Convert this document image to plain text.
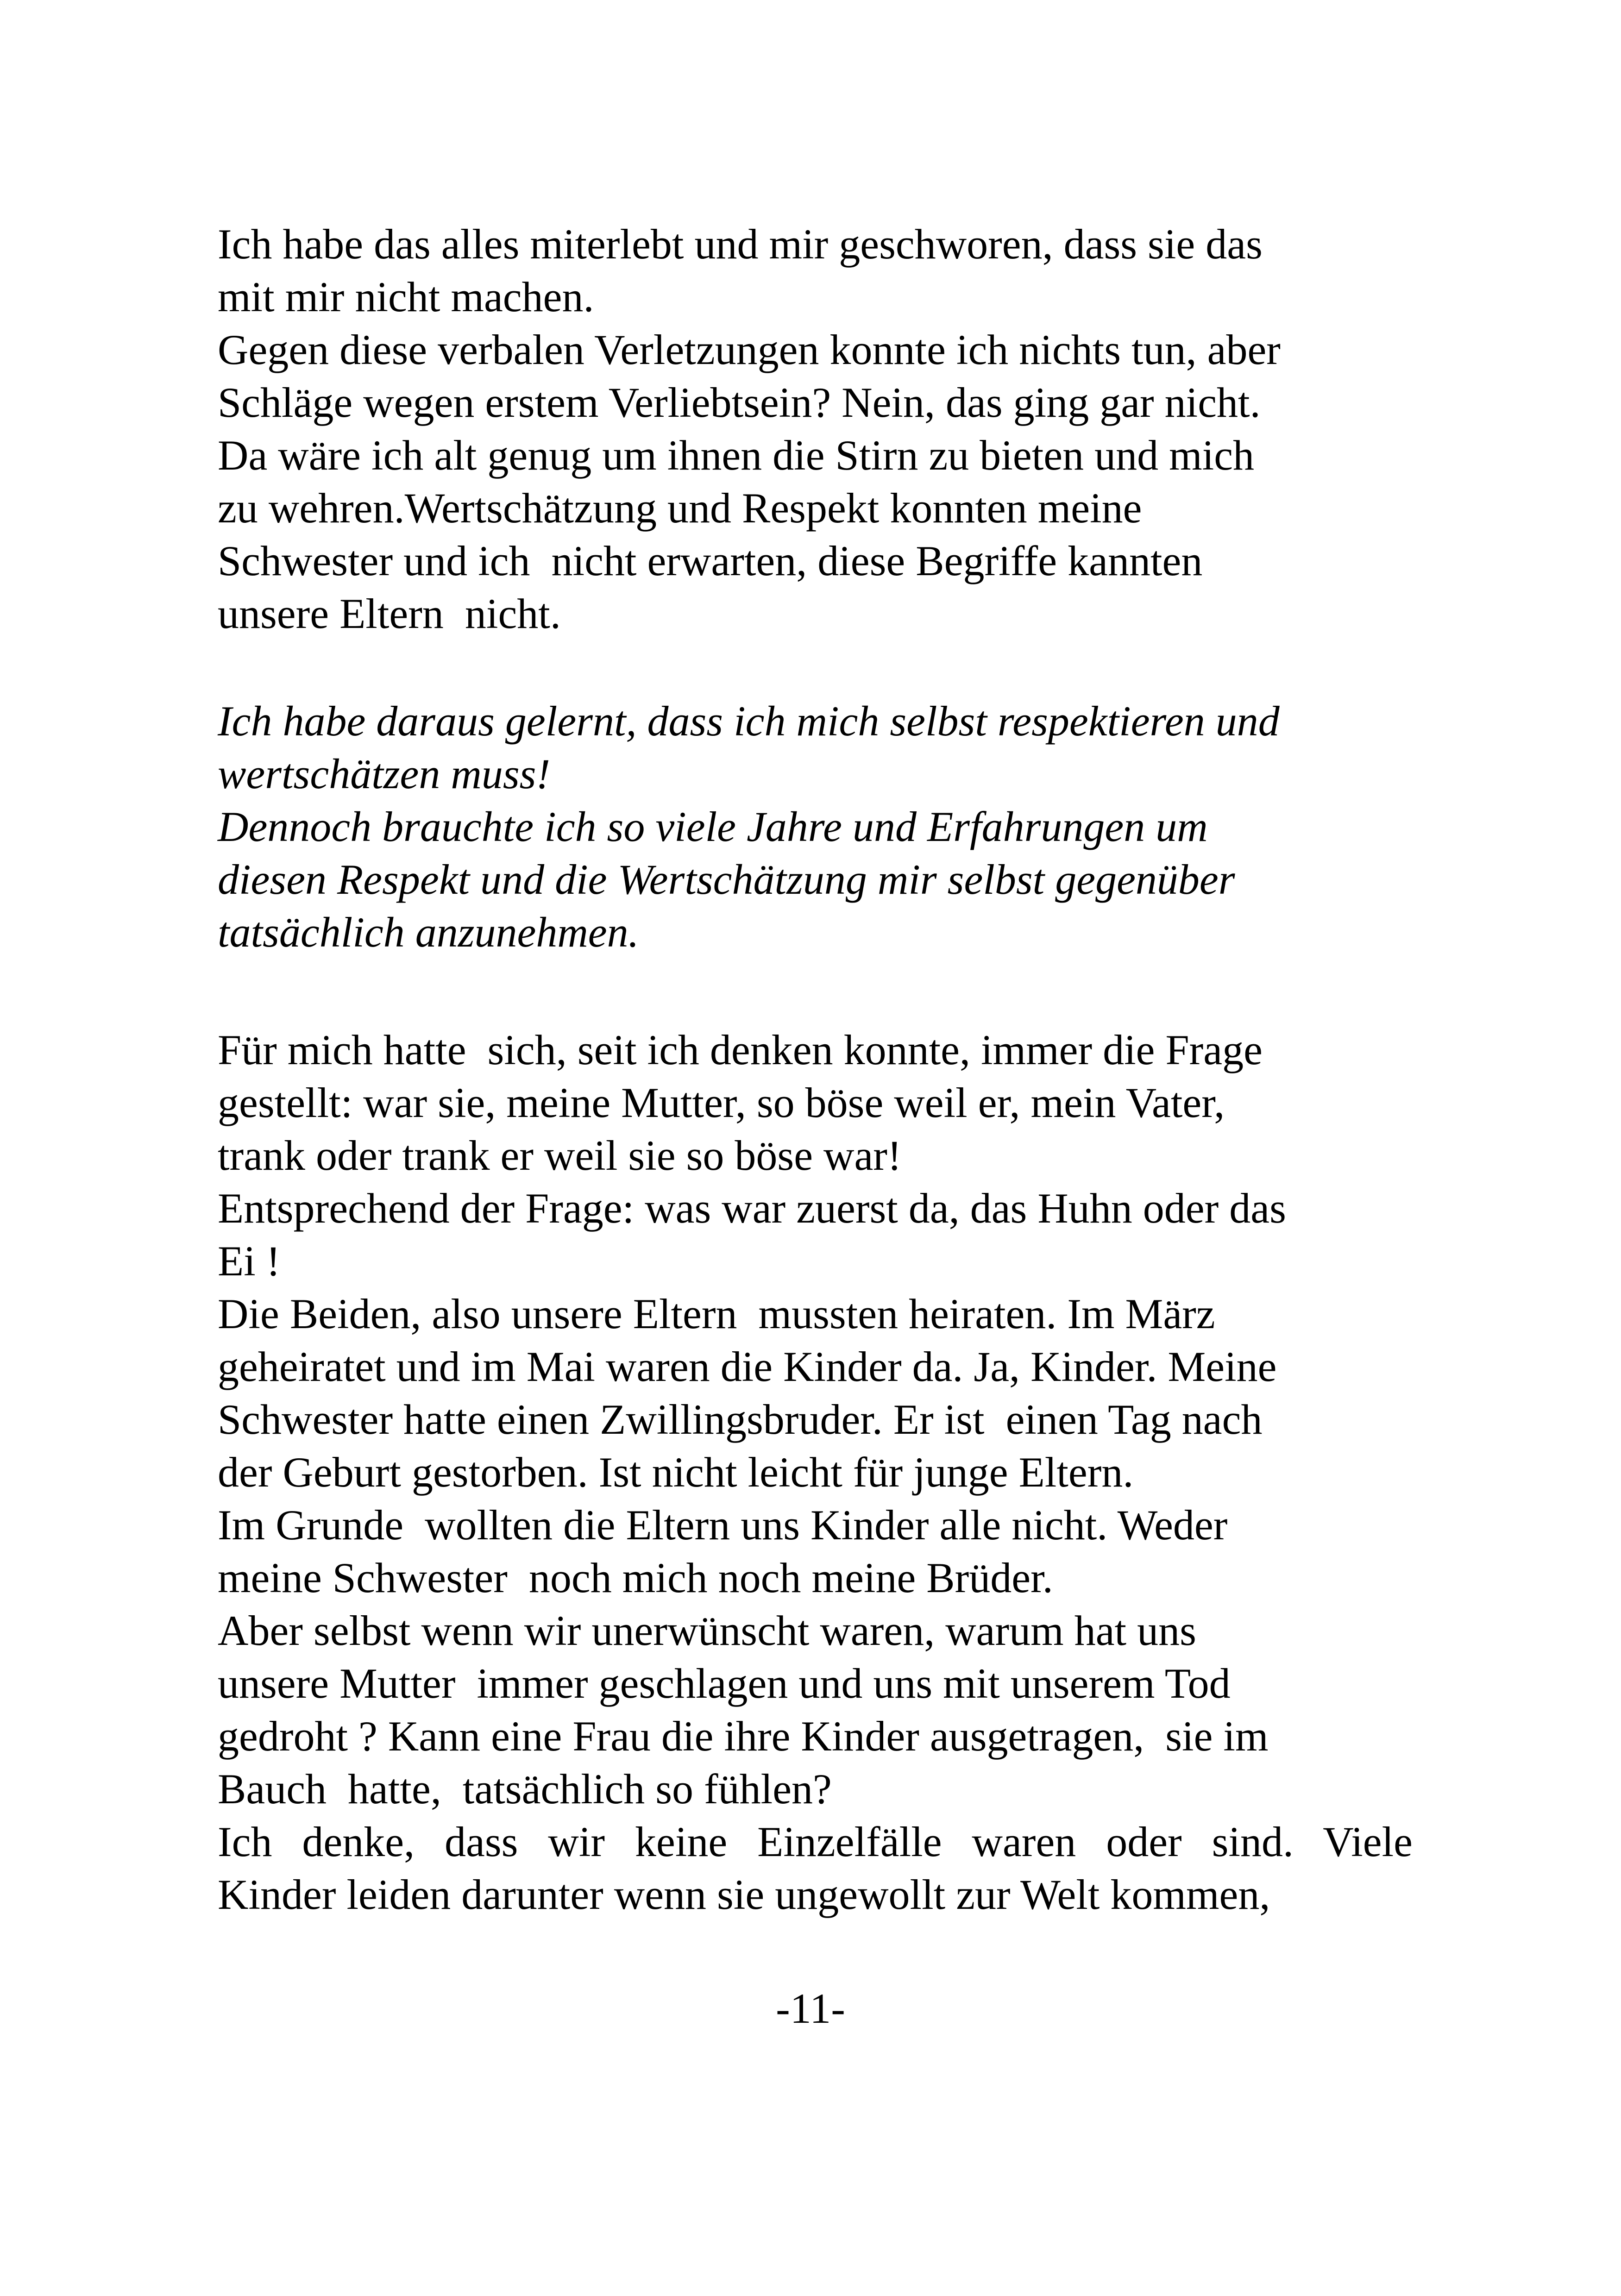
Ich habe das alles miterlebt und mir geschworen, dass sie das
mit mir nicht machen.
Gegen diese verbalen Verletzungen konnte ich nichts tun, aber
Schläge wegen erstem Verliebtsein? Nein, das ging gar nicht.
Da wäre ich alt genug um ihnen die Stirn zu bieten und mich
zu wehren.Wertschätzung und Respekt konnten meine
Schwester und ich  nicht erwarten, diese Begriffe kannten
unsere Eltern  nicht.
Ich habe daraus gelernt, dass ich mich selbst respektieren und
wertschätzen muss!
Dennoch brauchte ich so viele Jahre und Erfahrungen um
diesen Respekt und die Wertschätzung mir selbst gegenüber
tatsächlich anzunehmen.
Für mich hatte  sich, seit ich denken konnte, immer die Frage
gestellt: war sie, meine Mutter, so böse weil er, mein Vater,
trank oder trank er weil sie so böse war!
Entsprechend der Frage: was war zuerst da, das Huhn oder das
Ei !
Die Beiden, also unsere Eltern  mussten heiraten. Im März
geheiratet und im Mai waren die Kinder da. Ja, Kinder. Meine
Schwester hatte einen Zwillingsbruder. Er ist  einen Tag nach
der Geburt gestorben. Ist nicht leicht für junge Eltern.
Im Grunde  wollten die Eltern uns Kinder alle nicht. Weder
meine Schwester  noch mich noch meine Brüder.
Aber selbst wenn wir unerwünscht waren, warum hat uns
unsere Mutter  immer geschlagen und uns mit unserem Tod
gedroht ? Kann eine Frau die ihre Kinder ausgetragen,  sie im
Bauch  hatte,  tatsächlich so fühlen?
Ich denke, dass wir keine Einzelfälle waren oder sind. Viele
Kinder leiden darunter wenn sie ungewollt zur Welt kommen,
-11-
